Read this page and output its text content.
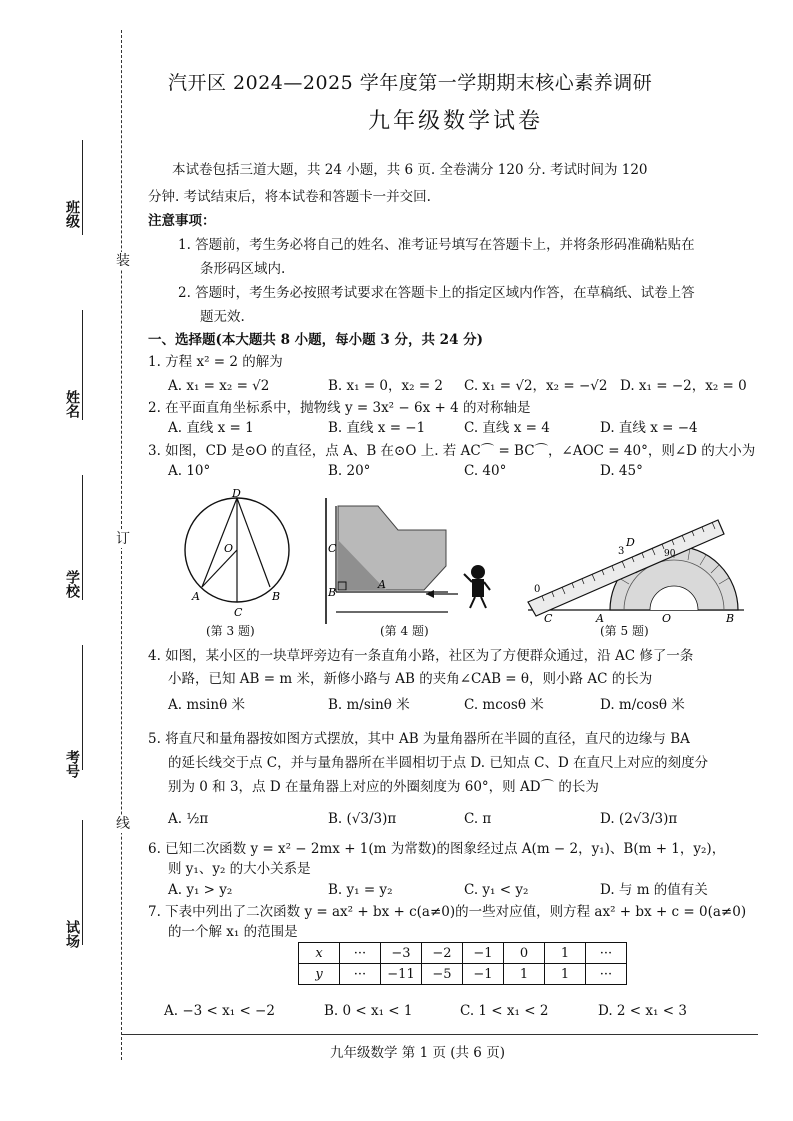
班级
姓名
学校
考号
试场
装
订
线
汽开区 2024—2025 学年度第一学期期末核心素养调研
九年级数学试卷
本试卷包括三道大题，共 24 小题，共 6 页. 全卷满分 120 分. 考试时间为 120
分钟. 考试结束后，将本试卷和答题卡一并交回.
注意事项：
1. 答题前，考生务必将自己的姓名、准考证号填写在答题卡上，并将条形码准确粘贴在
条形码区域内.
2. 答题时，考生务必按照考试要求在答题卡上的指定区域内作答，在草稿纸、试卷上答
题无效.
一、选择题(本大题共 8 小题，每小题 3 分，共 24 分)
1. 方程 x² = 2 的解为
A. x₁ = x₂ = √2	B. x₁ = 0，x₂ = 2 C. x₁ = √2，x₂ = −√2 D. x₁ = −2，x₂ = 0
2. 在平面直角坐标系中，抛物线 y = 3x² − 6x + 4 的对称轴是
A. 直线 x = 1	B. 直线 x = −1	C. 直线 x = 4	D. 直线 x = −4
3. 如图，CD 是⊙O 的直径，点 A、B 在⊙O 上. 若 AC⌒ = BC⌒，∠AOC = 40°，则∠D 的大小为
A. 10°	B. 20°	C. 40°	D. 45°
D
O
A
C
B
(第 3 题)
C
B
A
(第 4 题)
0
3	90
D
C	A	O	B
(第 5 题)
4. 如图，某小区的一块草坪旁边有一条直角小路，社区为了方便群众通过，沿 AC 修了一条
小路，已知 AB = m 米，新修小路与 AB 的夹角∠CAB = θ，则小路 AC 的长为
A. msinθ 米	B. m/sinθ 米	C. mcosθ 米	D. m/cosθ 米
5. 将直尺和量角器按如图方式摆放，其中 AB 为量角器所在半圆的直径，直尺的边缘与 BA
的延长线交于点 C，并与量角器所在半圆相切于点 D. 已知点 C、D 在直尺上对应的刻度分
别为 0 和 3，点 D 在量角器上对应的外圈刻度为 60°，则 AD⌒ 的长为
A. ½π	B. (√3/3)π	C. π	D. (2√3/3)π
6. 已知二次函数 y = x² − 2mx + 1(m 为常数)的图象经过点 A(m − 2，y₁)、B(m + 1，y₂)，
则 y₁、y₂ 的大小关系是
A. y₁ > y₂	B. y₁ = y₂	C. y₁ < y₂	D. 与 m 的值有关
7. 下表中列出了二次函数 y = ax² + bx + c(a≠0)的一些对应值，则方程 ax² + bx + c = 0(a≠0)
的一个解 x₁ 的范围是
x	···	−3	−2	−1	0	1	···
y	···	−11	−5	−1	1	1	···
A. −3 < x₁ < −2	B. 0 < x₁ < 1	C. 1 < x₁ < 2	D. 2 < x₁ < 3
九年级数学 第 1 页 (共 6 页)
